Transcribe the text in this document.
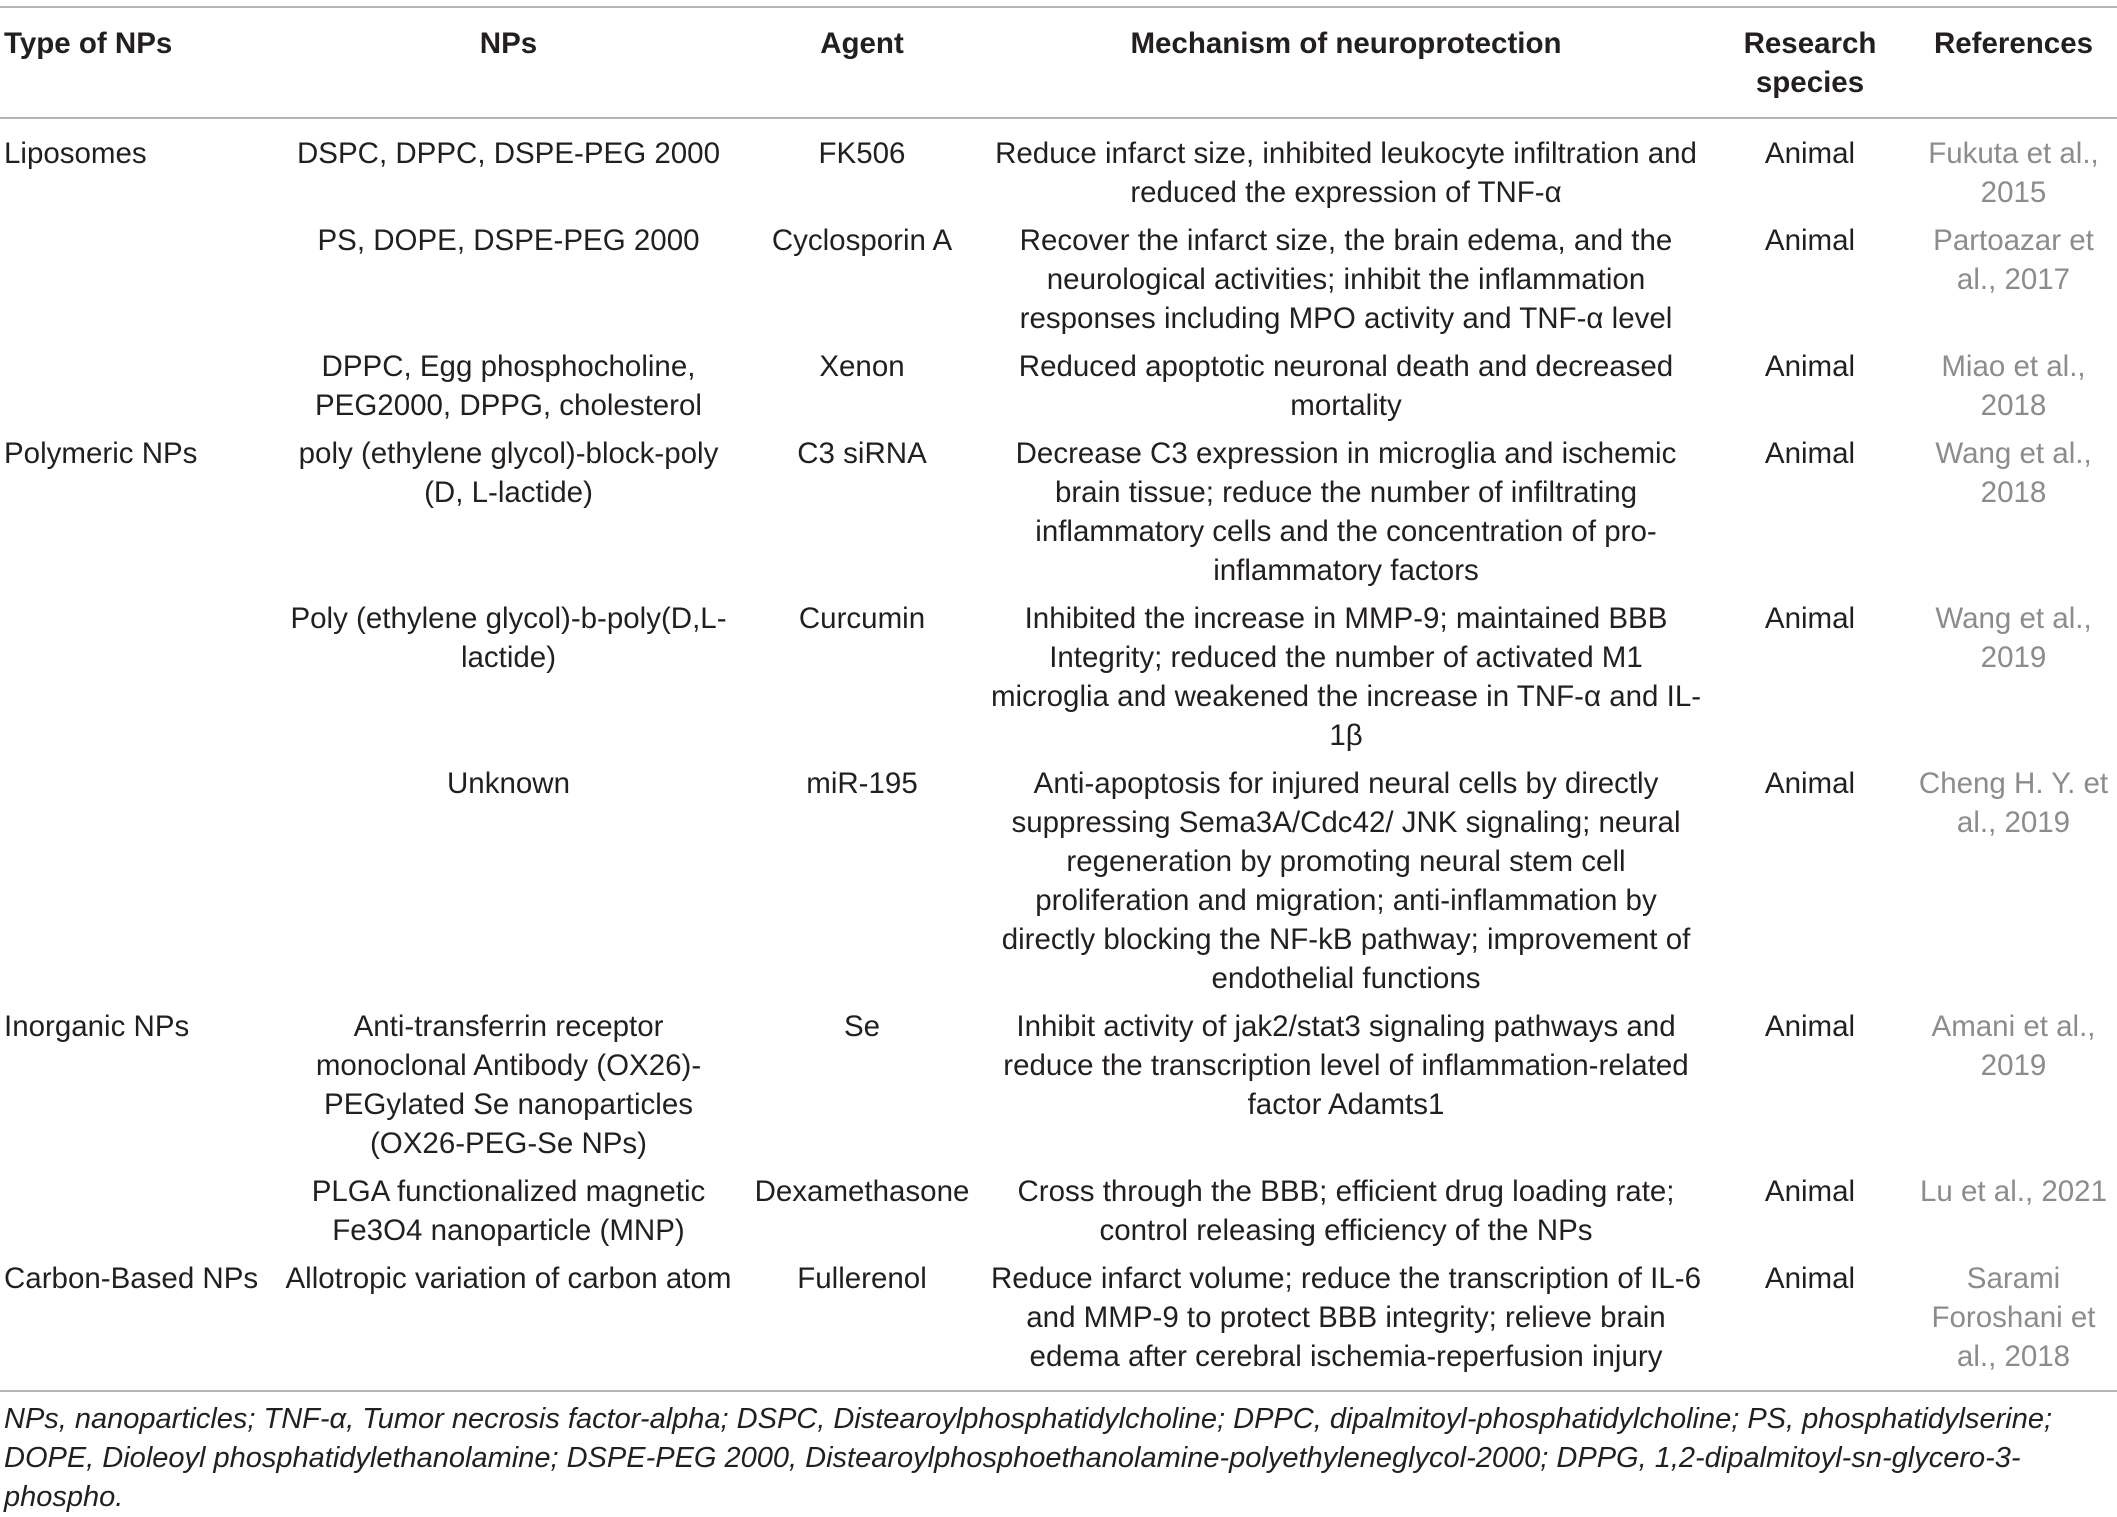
Type of NPs	NPs	Agent	Mechanism of neuroprotection	Research species	References
Liposomes	DSPC, DPPC, DSPE-PEG 2000	FK506	Reduce infarct size, inhibited leukocyte infiltration and reduced the expression of TNF-α	Animal	Fukuta et al., 2015
	PS, DOPE, DSPE-PEG 2000	Cyclosporin A	Recover the infarct size, the brain edema, and the neurological activities; inhibit the inflammation responses including MPO activity and TNF-α level	Animal	Partoazar et al., 2017
	DPPC, Egg phosphocholine, PEG2000, DPPG, cholesterol	Xenon	Reduced apoptotic neuronal death and decreased mortality	Animal	Miao et al., 2018
Polymeric NPs	poly (ethylene glycol)-block-poly (D, L-lactide)	C3 siRNA	Decrease C3 expression in microglia and ischemic brain tissue; reduce the number of infiltrating inflammatory cells and the concentration of pro-inflammatory factors	Animal	Wang et al., 2018
	Poly (ethylene glycol)-b-poly(D,L-lactide)	Curcumin	Inhibited the increase in MMP-9; maintained BBB Integrity; reduced the number of activated M1 microglia and weakened the increase in TNF-α and IL-1β	Animal	Wang et al., 2019
	Unknown	miR-195	Anti-apoptosis for injured neural cells by directly suppressing Sema3A/Cdc42/ JNK signaling; neural regeneration by promoting neural stem cell proliferation and migration; anti-inflammation by directly blocking the NF-kB pathway; improvement of endothelial functions	Animal	Cheng H. Y. et al., 2019
Inorganic NPs	Anti-transferrin receptor monoclonal Antibody (OX26)-PEGylated Se nanoparticles (OX26-PEG-Se NPs)	Se	Inhibit activity of jak2/stat3 signaling pathways and reduce the transcription level of inflammation-related factor Adamts1	Animal	Amani et al., 2019
	PLGA functionalized magnetic Fe3O4 nanoparticle (MNP)	Dexamethasone	Cross through the BBB; efficient drug loading rate; control releasing efficiency of the NPs	Animal	Lu et al., 2021
Carbon-Based NPs	Allotropic variation of carbon atom	Fullerenol	Reduce infarct volume; reduce the transcription of IL-6 and MMP-9 to protect BBB integrity; relieve brain edema after cerebral ischemia-reperfusion injury	Animal	Sarami Foroshani et al., 2018
NPs, nanoparticles; TNF-α, Tumor necrosis factor-alpha; DSPC, Distearoylphosphatidylcholine; DPPC, dipalmitoyl-phosphatidylcholine; PS, phosphatidylserine; DOPE, Dioleoyl phosphatidylethanolamine; DSPE-PEG 2000, Distearoylphosphoethanolamine-polyethyleneglycol-2000; DPPG, 1,2-dipalmitoyl-sn-glycero-3-phospho.
